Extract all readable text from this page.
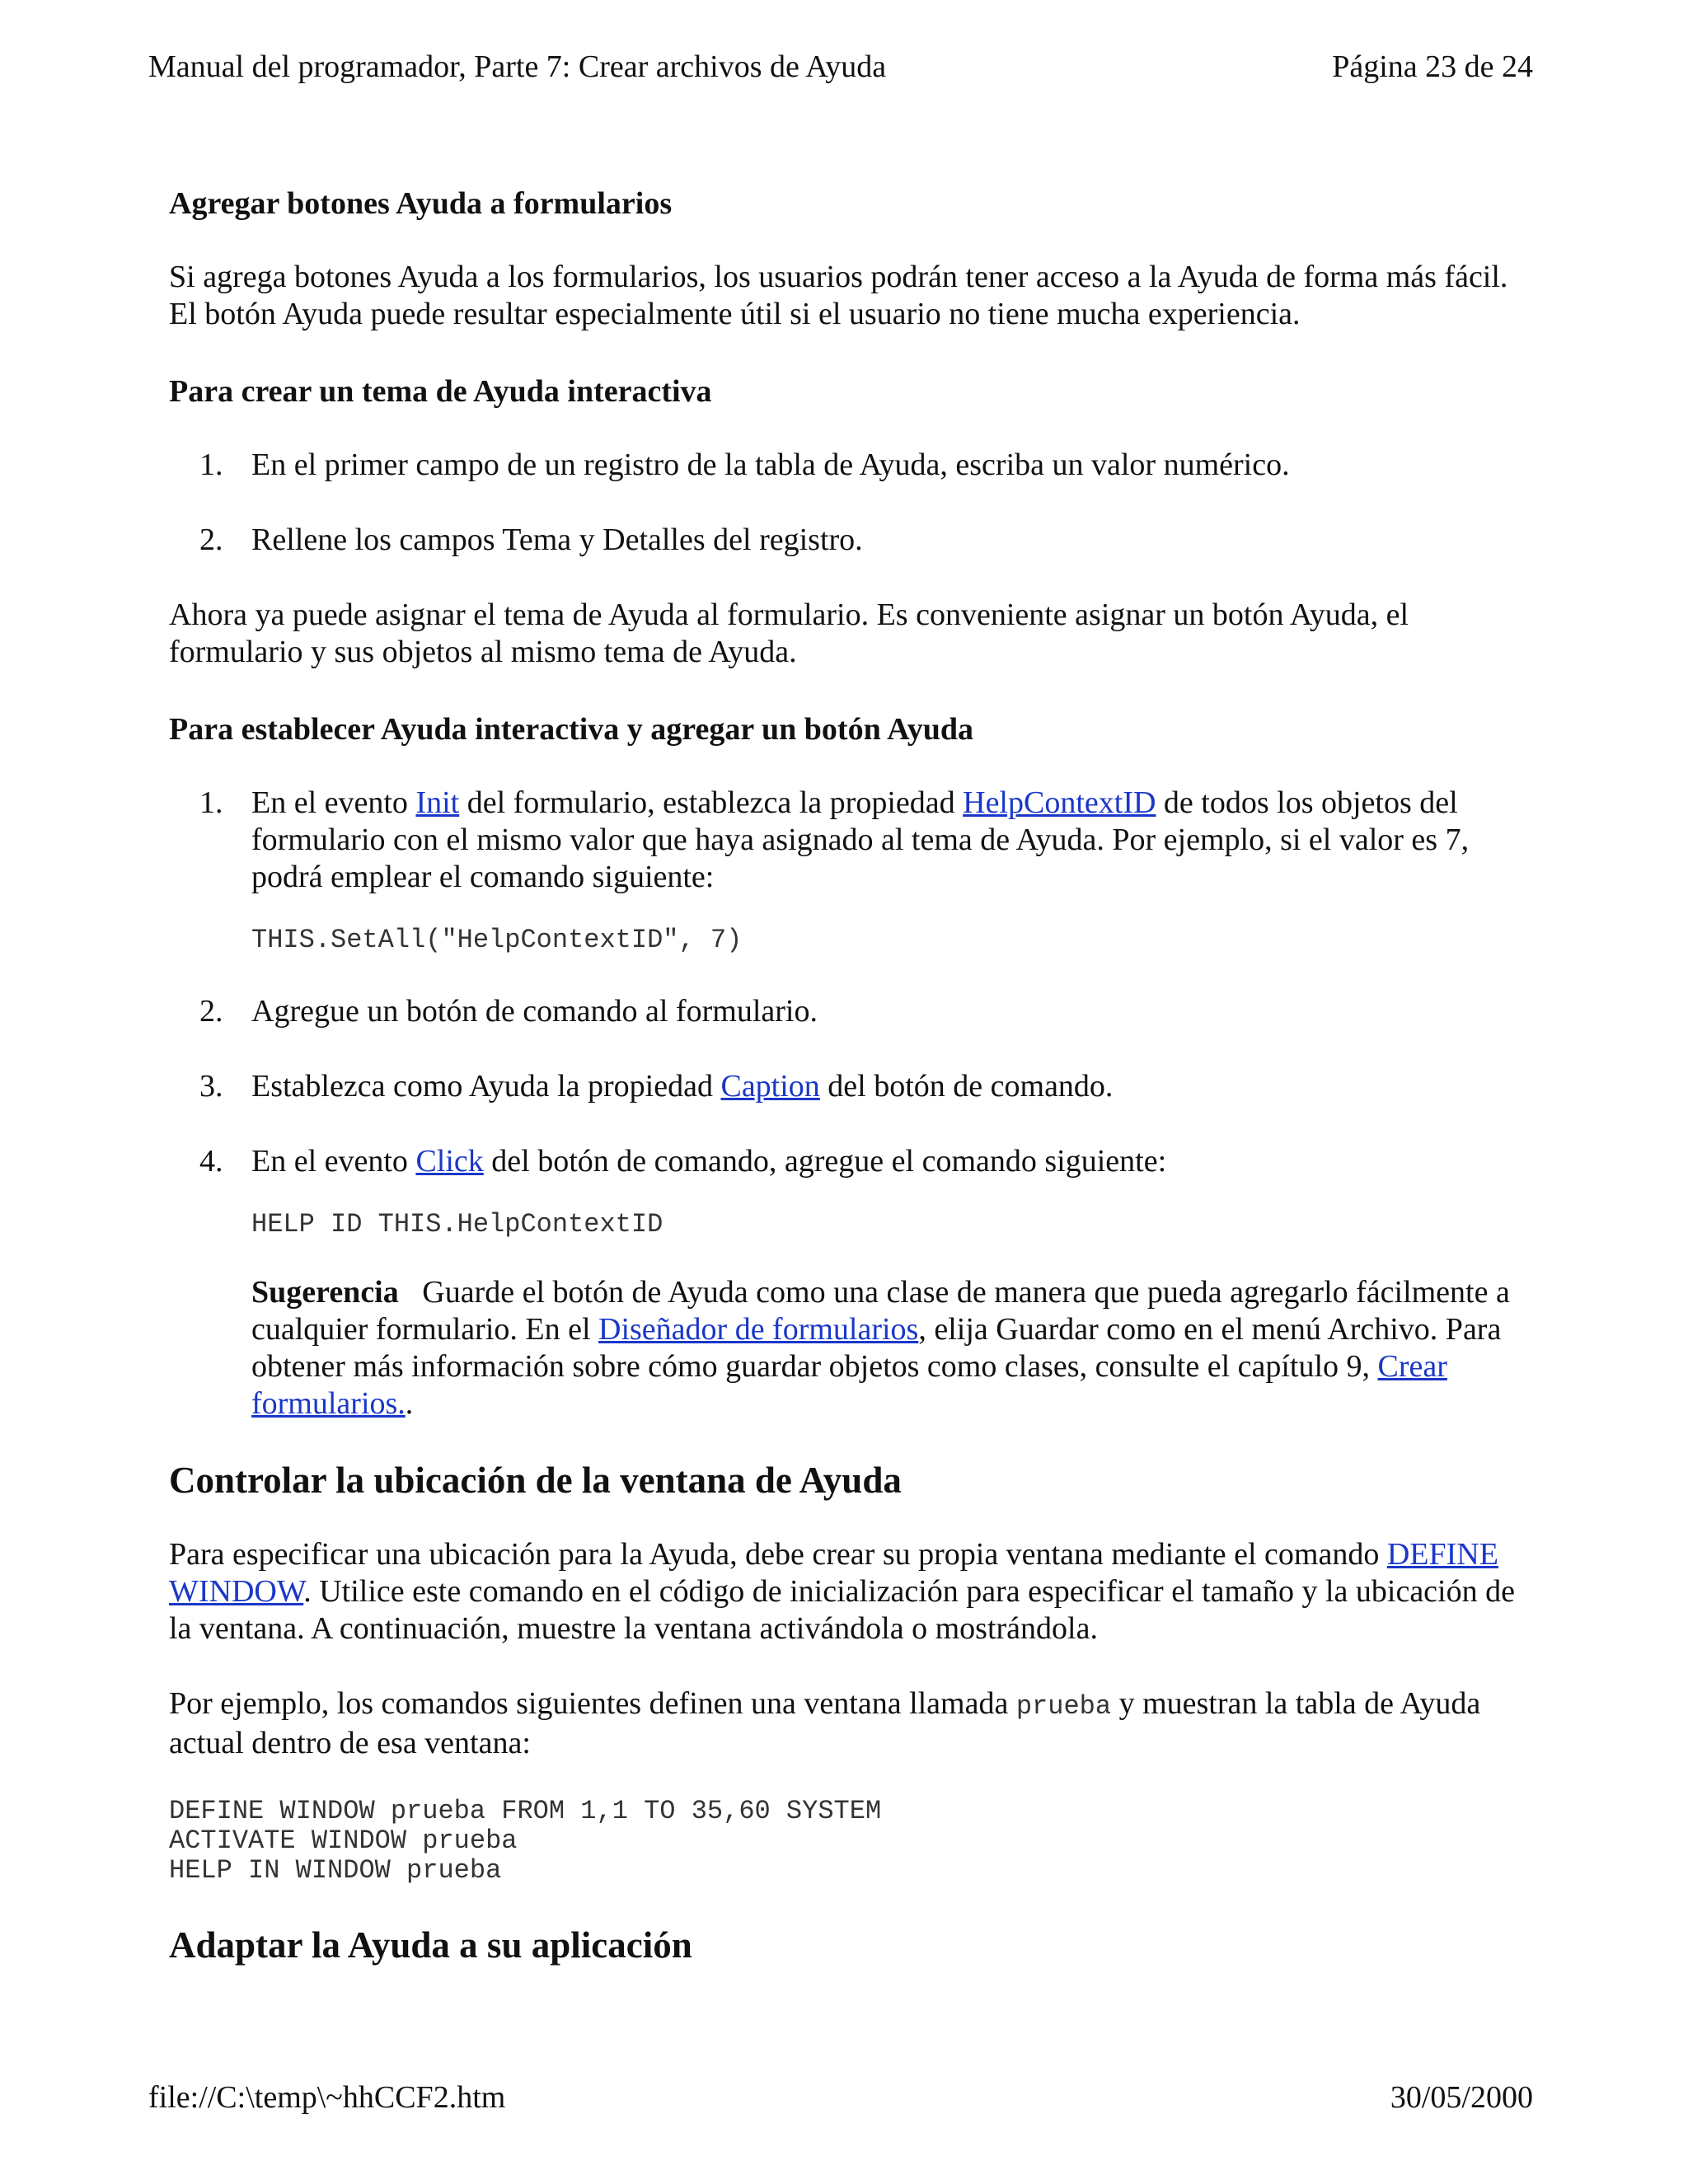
Manual del programador, Parte 7: Crear archivos de Ayuda	Página 23 de 24
Agregar botones Ayuda a formularios

Si agrega botones Ayuda a los formularios, los usuarios podrán tener acceso a la Ayuda de forma más fácil. El botón Ayuda puede resultar especialmente útil si el usuario no tiene mucha experiencia.

Para crear un tema de Ayuda interactiva
1. En el primer campo de un registro de la tabla de Ayuda, escriba un valor numérico.
2. Rellene los campos Tema y Detalles del registro.

Ahora ya puede asignar el tema de Ayuda al formulario. Es conveniente asignar un botón Ayuda, el formulario y sus objetos al mismo tema de Ayuda.

Para establecer Ayuda interactiva y agregar un botón Ayuda
1. En el evento Init del formulario, establezca la propiedad HelpContextID de todos los objetos del formulario con el mismo valor que haya asignado al tema de Ayuda. Por ejemplo, si el valor es 7, podrá emplear el comando siguiente:
THIS.SetAll("HelpContextID", 7)
2. Agregue un botón de comando al formulario.
3. Establezca como Ayuda la propiedad Caption del botón de comando.
4. En el evento Click del botón de comando, agregue el comando siguiente:
HELP ID THIS.HelpContextID

Sugerencia   Guarde el botón de Ayuda como una clase de manera que pueda agregarlo fácilmente a cualquier formulario. En el Diseñador de formularios, elija Guardar como en el menú Archivo. Para obtener más información sobre cómo guardar objetos como clases, consulte el capítulo 9, Crear formularios..

Controlar la ubicación de la ventana de Ayuda

Para especificar una ubicación para la Ayuda, debe crear su propia ventana mediante el comando DEFINE WINDOW. Utilice este comando en el código de inicialización para especificar el tamaño y la ubicación de la ventana. A continuación, muestre la ventana activándola o mostrándola.

Por ejemplo, los comandos siguientes definen una ventana llamada prueba y muestran la tabla de Ayuda actual dentro de esa ventana:

DEFINE WINDOW prueba FROM 1,1 TO 35,60 SYSTEM
ACTIVATE WINDOW prueba
HELP IN WINDOW prueba
Adaptar la Ayuda a su aplicación
file://C:\temp\~hhCCF2.htm	30/05/2000
